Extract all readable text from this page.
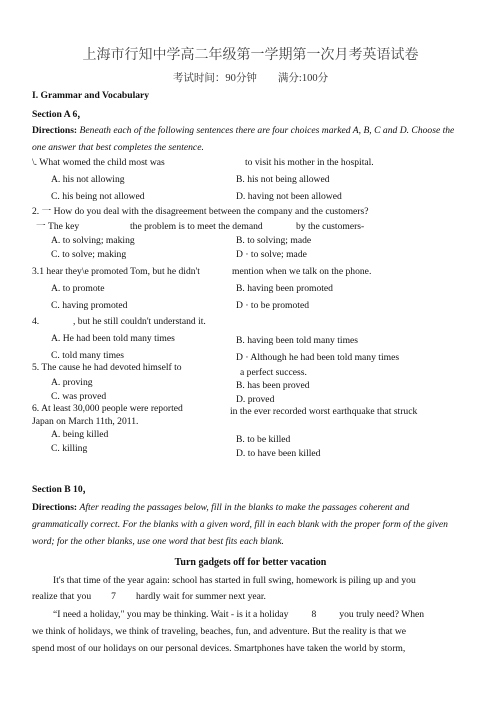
上海市行知中学高二年级第一学期第一次月考英语试卷
考试时间：90分钟　　满分:100分
I. Grammar and Vocabulary
Section A 6，
Directions: Beneath each of the following sentences there are four choices marked A, B, C and D. Choose the one answer that best completes the sentence.
\. What womed the child most was	to visit his mother in the hospital.
A. his not allowing	B. his not being allowed
C. his being not allowed	D. having not been allowed
2. 一 How do you deal with the disagreement between the company and the customers?
一 The key	the problem is to meet the demand	by the customers-
A. to solving; making	B. to solving; made
C. to solve; making	D · to solve; made
3.1 hear they\e promoted Tom, but he didn't	mention when we talk on the phone.
A. to promote	B. having been promoted
C. having promoted	D · to be promoted
4.	, but he still couldn't understand it.
A. He had been told many times	B. having been told many times
C. told many times	D · Although he had been told many times
5. The cause he had devoted himself to	a perfect success.
A. proving	B. has been proved
C. was proved	D. proved
6. At least 30,000 people were reported	in the ever recorded worst earthquake that struck
Japan on March 11th, 2011.
A. being killed	B. to be killed
C. killing	D. to have been killed
Section B 10，
Directions: After reading the passages below, fill in the blanks to make the passages coherent and grammatically correct. For the blanks with a given word, fill in each blank with the proper form of the given word; for the other blanks, use one word that best fits each blank.
Turn gadgets off for better vacation
It's that time of the year again: school has started in full swing, homework is piling up and you
realize that you 7 hardly wait for summer next year.
“I need a holiday," you may be thinking. Wait - is it a holiday 8 you truly need? When
we think of holidays, we think of traveling, beaches, fun, and adventure. But the reality is that we
spend most of our holidays on our personal devices. Smartphones have taken the world by storm,
